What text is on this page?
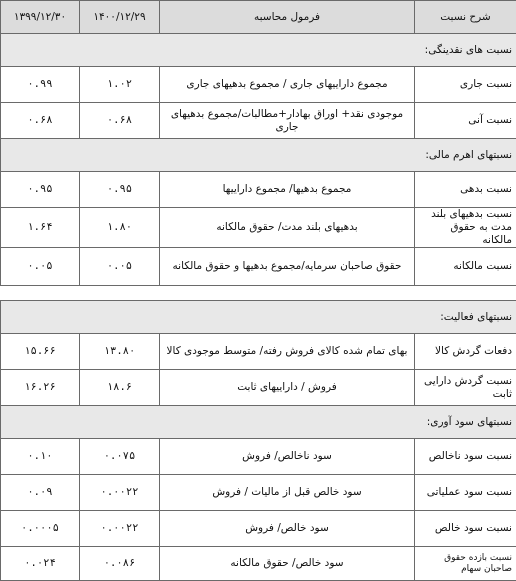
شرح نسبت	فرمول محاسبه	۱۴۰۰/۱۲/۲۹	۱۳۹۹/۱۲/۳۰
نسبت های نقدینگی:			
نسبت جاری	مجموع داراییهای جاری / مجموع بدهیهای جاری	۱.۰۲	۰.۹۹
نسبت آنی	موجودی نقد+ اوراق بهادار+مطالبات/مجموع بدهیهای جاری	۰.۶۸	۰.۶۸
نسبتهای اهرم مالی:			
نسبت بدهی	مجموع بدهیها/ مجموع داراییها	۰.۹۵	۰.۹۵
نسبت بدهیهای بلند مدت به حقوق مالکانه	بدهیهای بلند مدت/ حقوق مالکانه	۱.۸۰	۱.۶۴
نسبت مالکانه	حقوق صاحبان سرمایه/مجموع بدهیها و حقوق مالکانه	۰.۰۵	۰.۰۵

نسبتهای فعالیت:			
دفعات گردش کالا	بهای تمام شده کالای فروش رفته/ متوسط موجودی کالا	۱۳.۸۰	۱۵.۶۶
نسبت گردش دارایی ثابت	فروش / داراییهای ثابت	۱۸.۶	۱۶.۲۶
نسبتهای سود آوری:			
نسبت سود ناخالص	سود ناخالص/ فروش	۰.۰۷۵	۰.۱۰
نسبت سود عملیاتی	سود خالص قبل از مالیات / فروش	۰.۰۰۲۲	۰.۰۹
نسبت سود خالص	سود خالص/ فروش	۰.۰۰۲۲	۰.۰۰۰۵
نسبت بازده حقوق صاحبان سهام	سود خالص/ حقوق مالکانه	۰.۰۸۶	۰.۰۲۴
